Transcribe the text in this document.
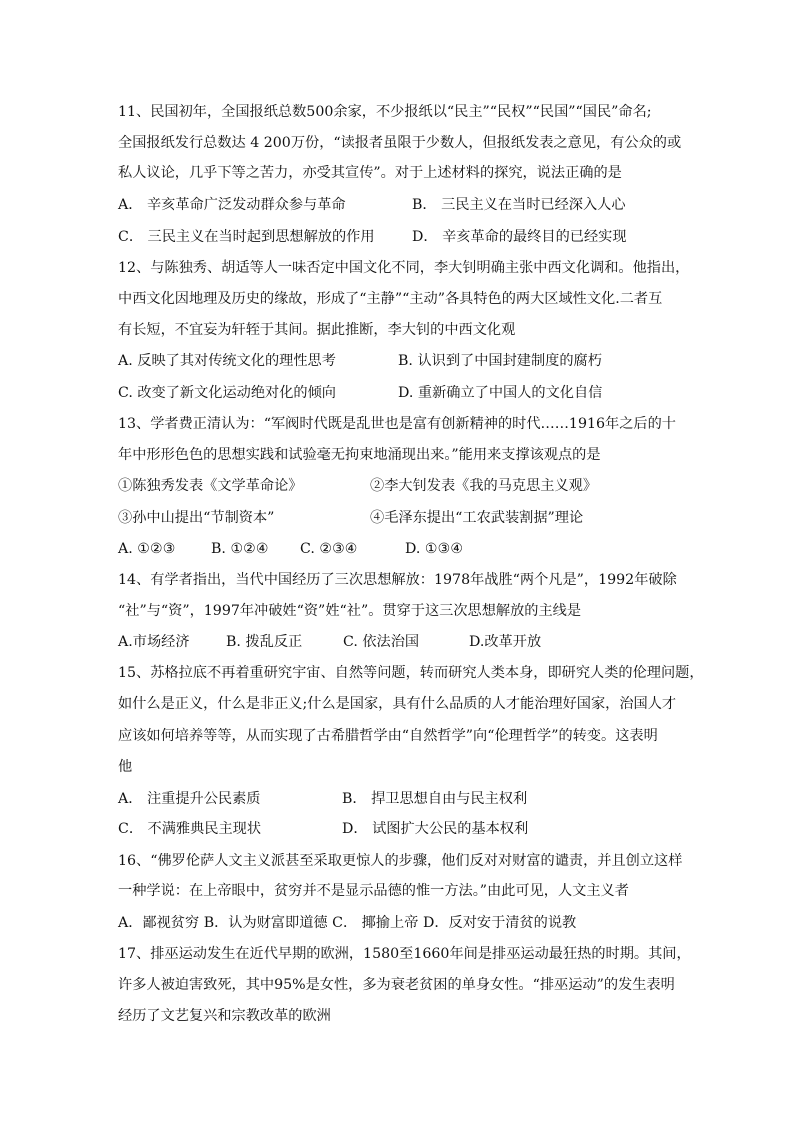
11、民国初年，全国报纸总数500余家，不少报纸以“民主”“民权”“民国”“国民”命名;
全国报纸发行总数达 4 200万份，“读报者虽限于少数人，但报纸发表之意见，有公众的或
私人议论，几乎下等之苦力，亦受其宣传”。对于上述材料的探究，说法正确的是
A． 辛亥革命广泛发动群众参与革命	B． 三民主义在当时已经深入人心
C． 三民主义在当时起到思想解放的作用	D． 辛亥革命的最终目的已经实现
12、与陈独秀、胡适等人一味否定中国文化不同，李大钊明确主张中西文化调和。他指出，
中西文化因地理及历史的缘故，形成了“主静”“主动”各具特色的两大区域性文化.二者互
有长短，不宜妄为轩轾于其间。据此推断，李大钊的中西文化观
A. 反映了其对传统文化的理性思考	B. 认识到了中国封建制度的腐朽
C. 改变了新文化运动绝对化的倾向	D. 重新确立了中国人的文化自信
13、学者费正清认为：“军阀时代既是乱世也是富有创新精神的时代……1916年之后的十
年中形形色色的思想实践和试验毫无拘束地涌现出来。”能用来支撑该观点的是
①陈独秀发表《文学革命论》	②李大钊发表《我的马克思主义观》
③孙中山提出“节制资本”	④毛泽东提出“工农武装割据”理论
A. ①②③	B. ①②④ C. ②③④	D. ①③④
14、有学者指出，当代中国经历了三次思想解放：1978年战胜“两个凡是”，1992年破除
“社”与“资”，1997年冲破姓“资”姓“社”。贯穿于这三次思想解放的主线是
A.市场经济	B. 拨乱反正	C. 依法治国	D.改革开放
15、苏格拉底不再着重研究宇宙、自然等问题，转而研究人类本身，即研究人类的伦理问题，
如什么是正义，什么是非正义;什么是国家，具有什么品质的人才能治理好国家，治国人才
应该如何培养等等，从而实现了古希腊哲学由“自然哲学”向“伦理哲学”的转变。这表明
他
A． 注重提升公民素质	B． 捍卫思想自由与民主权利
C． 不满雅典民主现状	D． 试图扩大公民的基本权利
16、“佛罗伦萨人文主义派甚至采取更惊人的步骤，他们反对对财富的谴责，并且创立这样
一种学说：在上帝眼中，贫穷并不是显示品德的惟一方法。”由此可见，人文主义者
A．鄙视贫穷 B．认为财富即道德 C． 揶揄上帝 D．反对安于清贫的说教
17、排巫运动发生在近代早期的欧洲，1580至1660年间是排巫运动最狂热的时期。其间，
许多人被迫害致死，其中95%是女性，多为衰老贫困的单身女性。“排巫运动”的发生表明
经历了文艺复兴和宗教改革的欧洲
